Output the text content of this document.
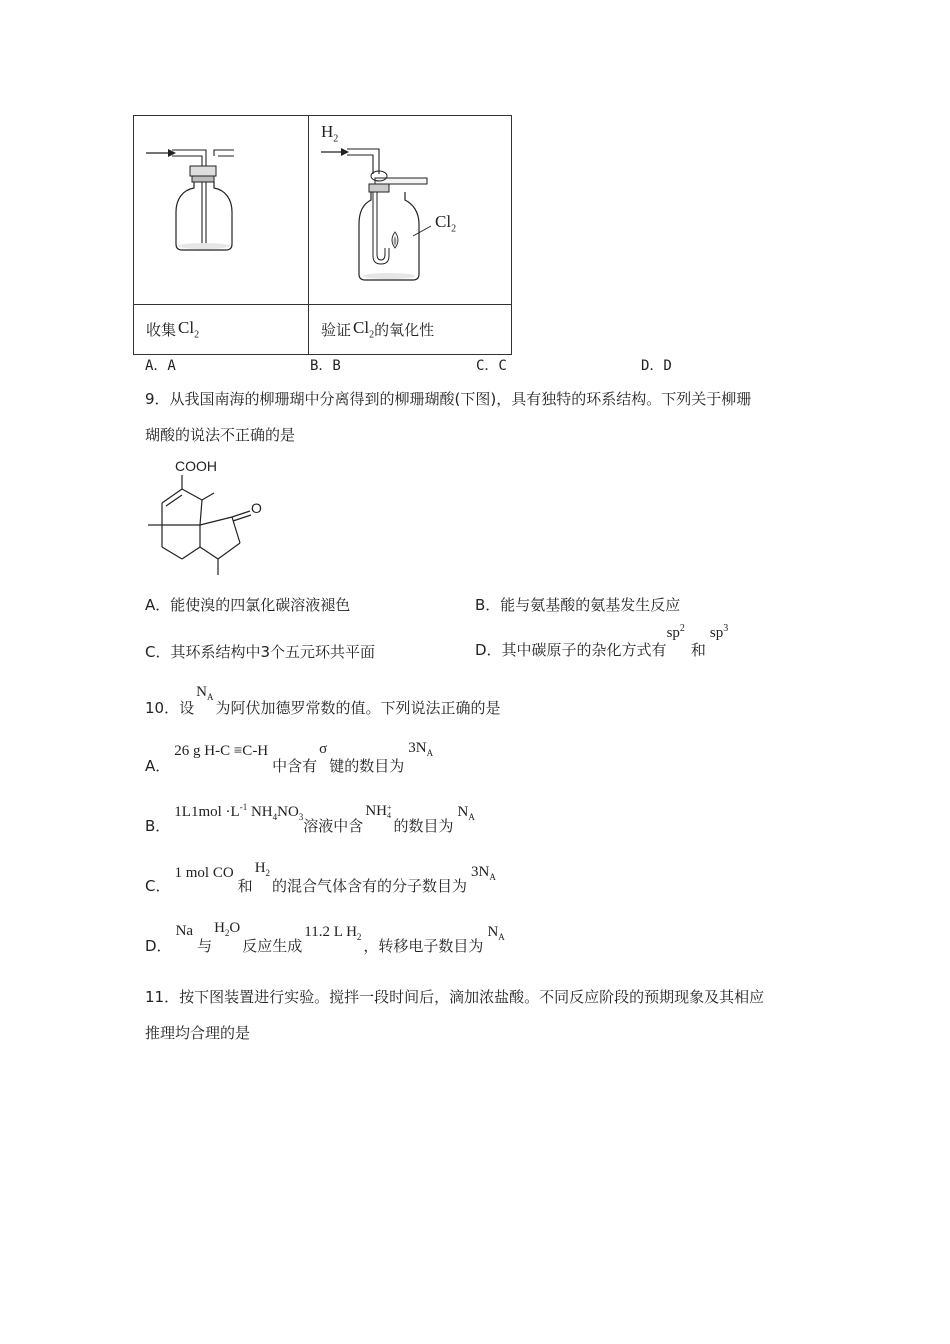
$H_2$
$Cl_2$

收集 $Cl_2$	验证 $Cl_2$ 的氧化性
A．A	B．B	C．C	D．D
9．从我国南海的柳珊瑚中分离得到的柳珊瑚酸(下图)，具有独特的环系结构。下列关于柳珊
瑚酸的说法不正确的是
COOH
O
A．能使溴的四氯化碳溶液褪色	B．能与氨基酸的氨基发生反应
C．其环系结构中3个五元环共平面	D．其中碳原子的杂化方式有
$sp^2$
和
$sp^3$
10．设
$N_A$
为阿伏加德罗常数的值。下列说法正确的是
A．
26 g H-C ≡C-H
中含有
σ
键的数目为
$3N_A$
B．
$1L1mol \cdot L^{-1}$ $NH_4NO_3$ 溶液中含
NH +
4
的数目为
$N_A$
C．
1 mol CO
和
$H_2$
的混合气体含有的分子数目为
$3N_A$
D．
Na
与
$H_2O$
反应生成
11.2 L $H_2$ ，转移电子数目为
$N_A$
11．按下图装置进行实验。搅拌一段时间后，滴加浓盐酸。不同反应阶段的预期现象及其相应
推理均合理的是
